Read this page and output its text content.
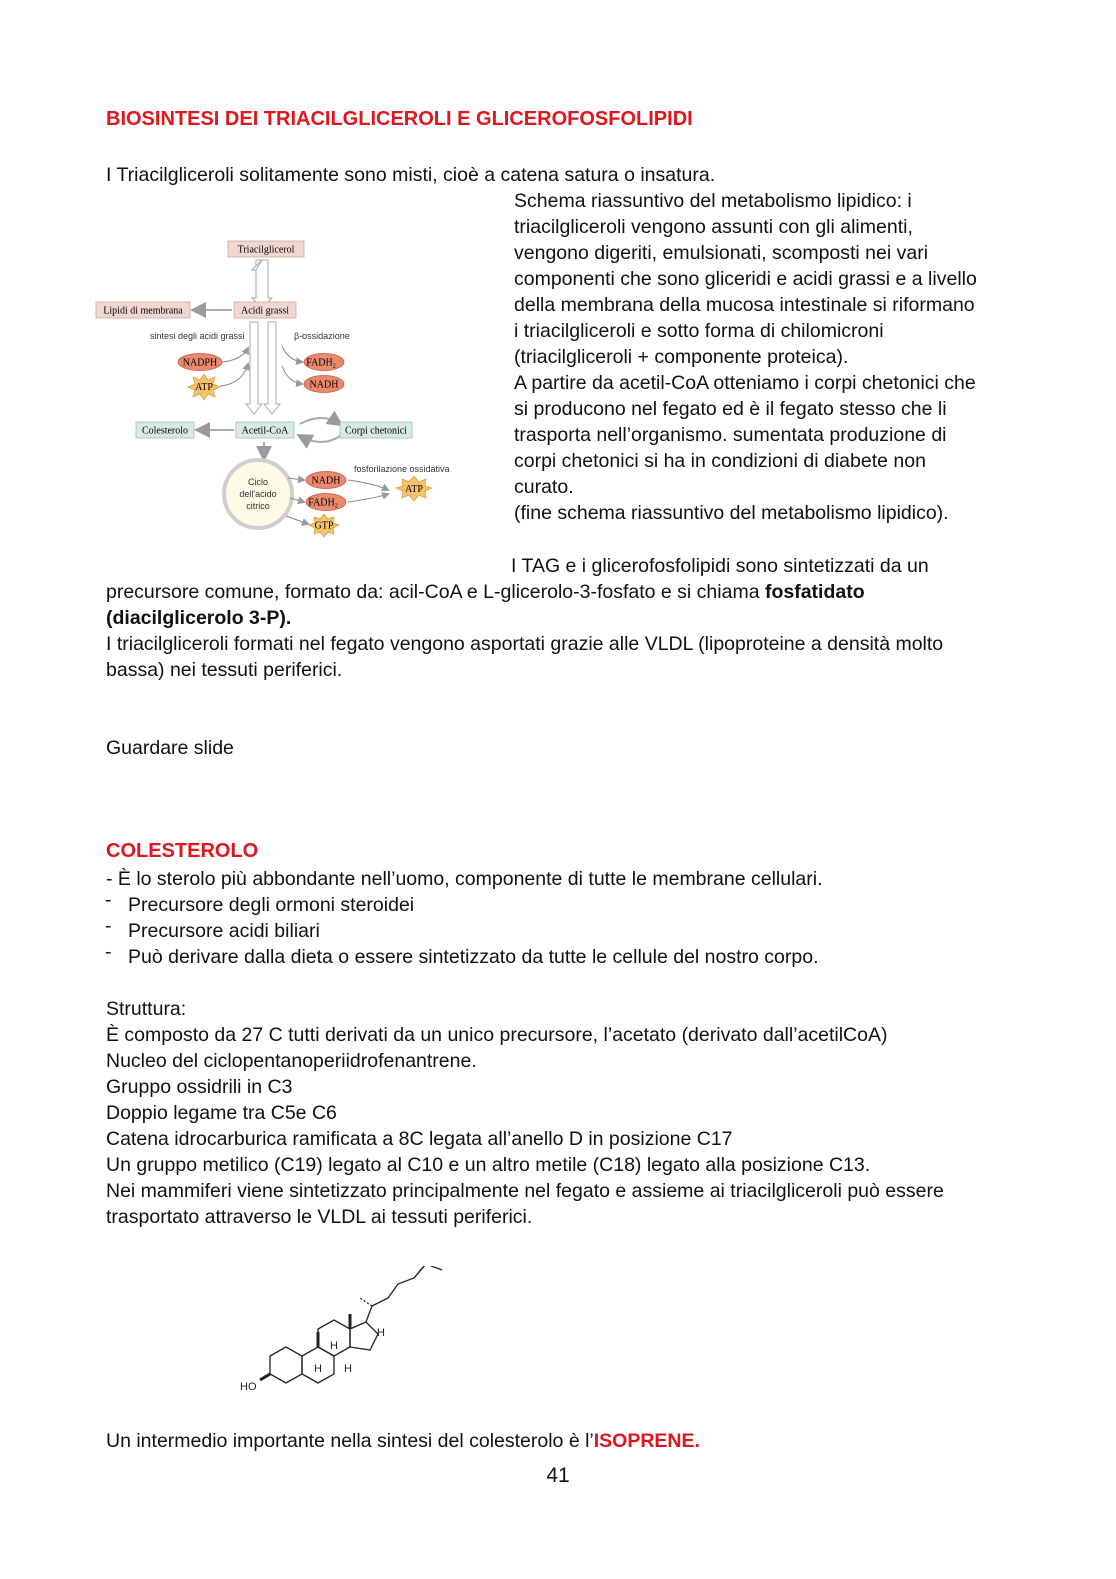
BIOSINTESI DEI TRIACILGLICEROLI E GLICEROFOSFOLIPIDI
I Triacilgliceroli solitamente sono misti, cioè a catena satura o insatura.
Schema riassuntivo del metabolismo lipidico: i
triacilgliceroli vengono assunti con gli alimenti,
vengono digeriti, emulsionati, scomposti nei vari
componenti che sono gliceridi e acidi grassi e a livello
della membrana della mucosa intestinale si riformano
i triacilgliceroli e sotto forma di chilomicroni
(triacilgliceroli + componente proteica).
A partire da acetil-CoA otteniamo i corpi chetonici che
si producono nel fegato ed è il fegato stesso che li
trasporta nell’organismo. sumentata produzione di
corpi chetonici si ha in condizioni di diabete non
curato.
(fine schema riassuntivo del metabolismo lipidico).
Triacilglicerol
Lipidi di membrana	Acidi grassi
sintesi degli acidi grassi	β-ossidazione
NADPH
ATP
$FADH_2$
NADH
Colesterolo	Acetil-CoA	Corpi chetonici
Ciclo
dell'acido
citrico
NADH
$FADH_2$
GTP
fosforilazione ossidativa
ATP
I TAG e i glicerofosfolipidi sono sintetizzati da un
precursore comune, formato da: acil-CoA e L-glicerolo-3-fosfato e si chiama fosfatidato
(diacilglicerolo 3-P).
I triacilgliceroli formati nel fegato vengono asportati grazie alle VLDL (lipoproteine a densità molto
bassa) nei tessuti periferici.
Guardare slide
COLESTEROLO
- È lo sterolo più abbondante nell’uomo, componente di tutte le membrane cellulari.
- Precursore degli ormoni steroidei
- Precursore acidi biliari
- Può derivare dalla dieta o essere sintetizzato da tutte le cellule del nostro corpo.
Struttura:
È composto da 27 C tutti derivati da un unico precursore, l’acetato (derivato dall’acetilCoA)
Nucleo del ciclopentanoperiidrofenantrene.
Gruppo ossidrili in C3
Doppio legame tra C5e C6
Catena idrocarburica ramificata a 8C legata all’anello D in posizione C17
Un gruppo metilico (C19) legato al C10 e un altro metile (C18) legato alla posizione C13.
Nei mammiferi viene sintetizzato principalmente nel fegato e assieme ai triacilgliceroli può essere
trasportato attraverso le VLDL ai tessuti periferici.
HO
H
H
H H
Un intermedio importante nella sintesi del colesterolo è l’ISOPRENE.
41
